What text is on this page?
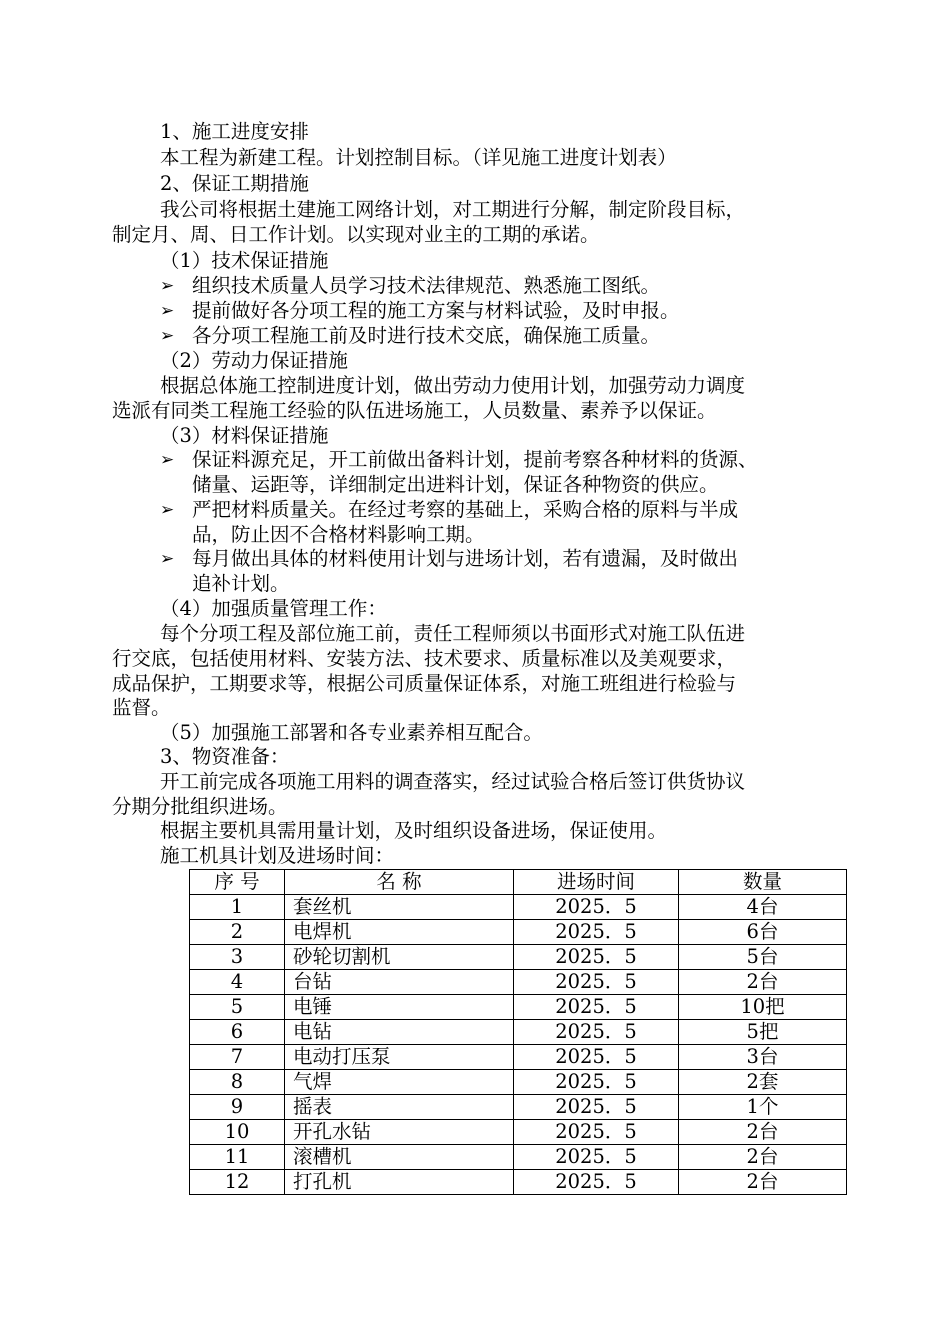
1、施工进度安排
本工程为新建工程。计划控制目标。（详见施工进度计划表）
2、保证工期措施
我公司将根据土建施工网络计划，对工期进行分解，制定阶段目标，
制定月、周、日工作计划。以实现对业主的工期的承诺。
（1）技术保证措施
➢ 组织技术质量人员学习技术法律规范、熟悉施工图纸。
➢ 提前做好各分项工程的施工方案与材料试验，及时申报。
➢ 各分项工程施工前及时进行技术交底，确保施工质量。
（2）劳动力保证措施
根据总体施工控制进度计划，做出劳动力使用计划，加强劳动力调度
选派有同类工程施工经验的队伍进场施工，人员数量、素养予以保证。
（3）材料保证措施
➢ 保证料源充足，开工前做出备料计划，提前考察各种材料的货源、
储量、运距等，详细制定出进料计划，保证各种物资的供应。
➢ 严把材料质量关。在经过考察的基础上，采购合格的原料与半成
品，防止因不合格材料影响工期。
➢ 每月做出具体的材料使用计划与进场计划，若有遗漏，及时做出
追补计划。
（4）加强质量管理工作：
每个分项工程及部位施工前，责任工程师须以书面形式对施工队伍进
行交底，包括使用材料、安装方法、技术要求、质量标准以及美观要求，
成品保护，工期要求等，根据公司质量保证体系，对施工班组进行检验与
监督。
（5）加强施工部署和各专业素养相互配合。
3、物资准备：
开工前完成各项施工用料的调查落实，经过试验合格后签订供货协议
分期分批组织进场。
根据主要机具需用量计划，及时组织设备进场，保证使用。
施工机具计划及进场时间：
序 号	名 称	进场时间	数量
1	套丝机	2025．5	4台
2	电焊机	2025．5	6台
3	砂轮切割机	2025．5	5台
4	台钻	2025．5	2台
5	电锤	2025．5	10把
6	电钻	2025．5	5把
7	电动打压泵	2025．5	3台
8	气焊	2025．5	2套
9	摇表	2025．5	1个
10	开孔水钻	2025．5	2台
11	滚槽机	2025．5	2台
12	打孔机	2025．5	2台
